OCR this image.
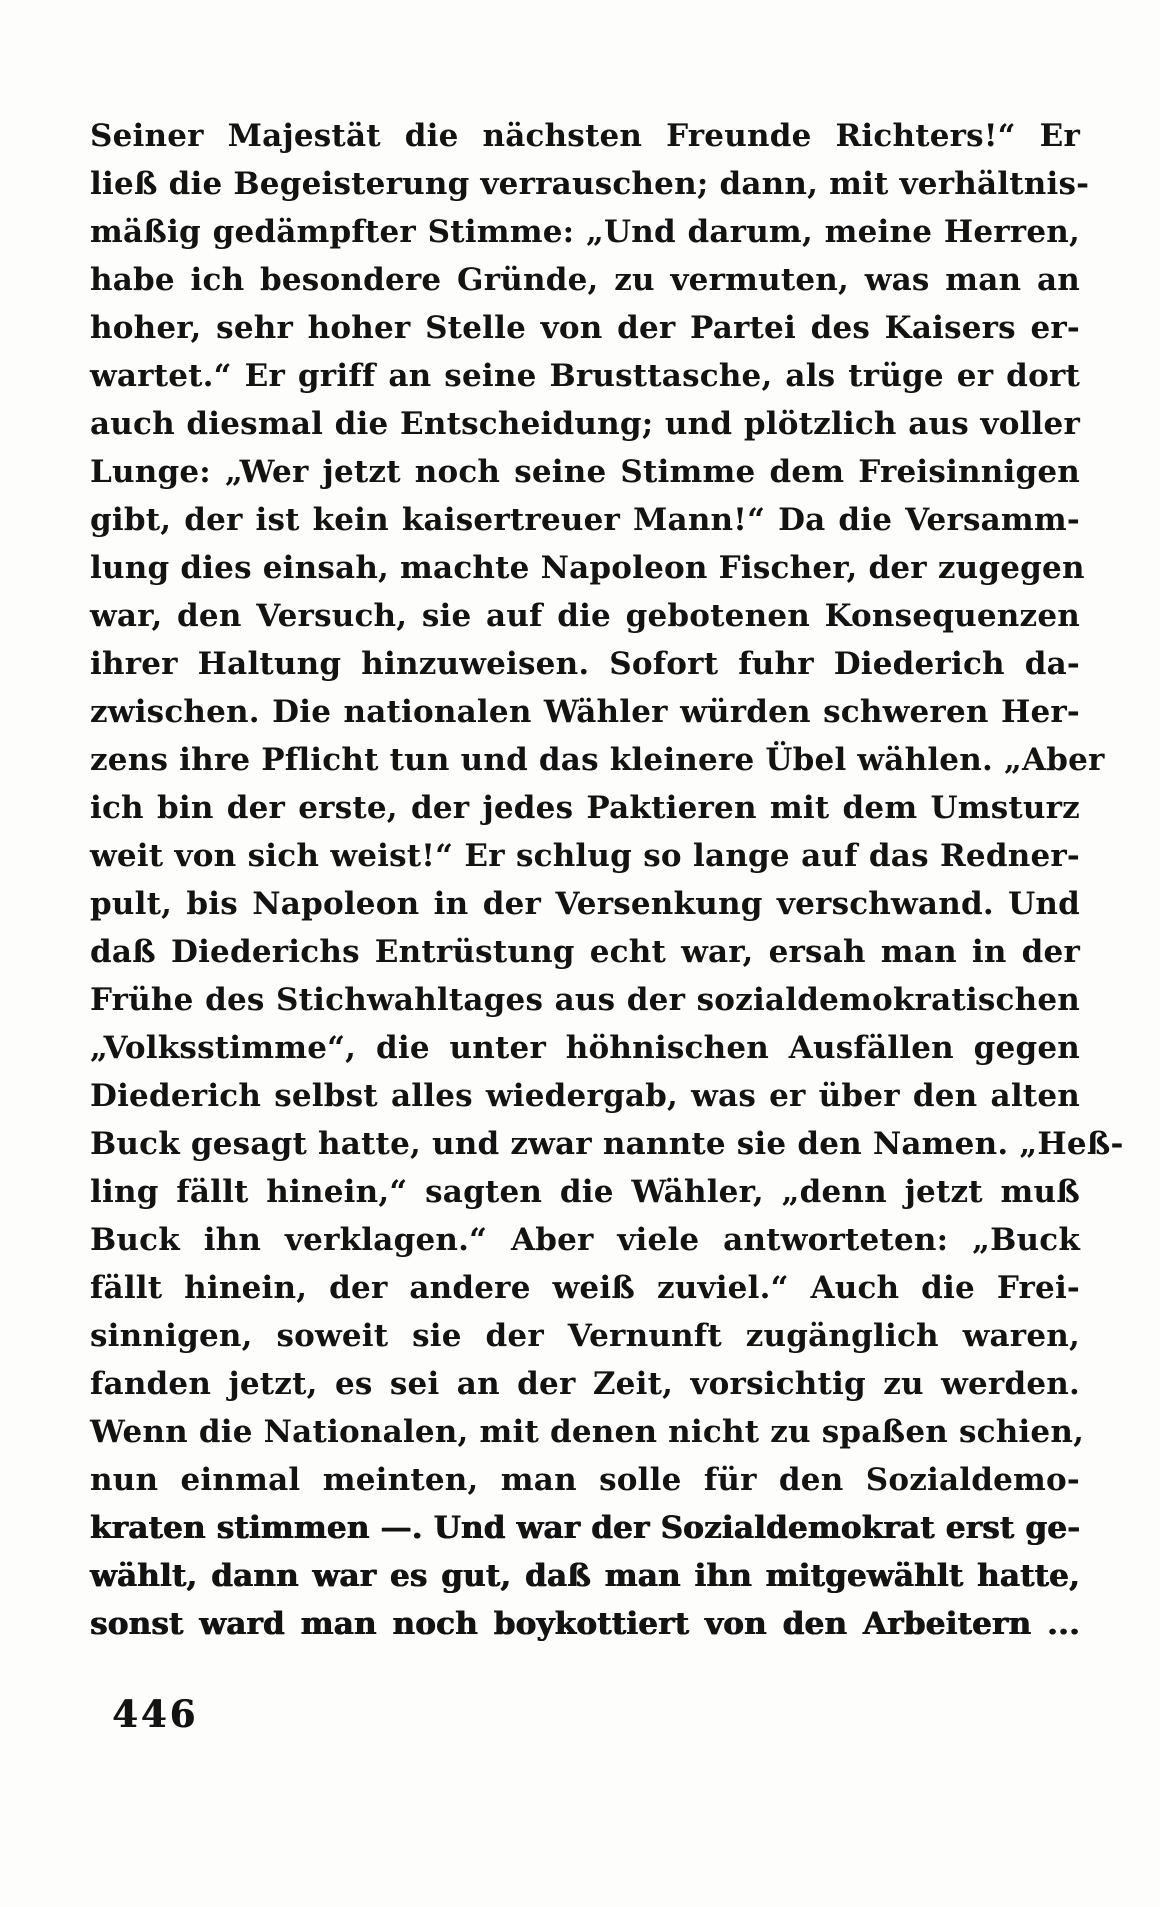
Seiner Majestät die nächsten Freunde Richters!“ Er
ließ die Begeisterung verrauschen; dann, mit verhältnis-
mäßig gedämpfter Stimme: „Und darum, meine Herren,
habe ich besondere Gründe, zu vermuten, was man an
hoher, sehr hoher Stelle von der Partei des Kaisers er-
wartet.“ Er griff an seine Brusttasche, als trüge er dort
auch diesmal die Entscheidung; und plötzlich aus voller
Lunge: „Wer jetzt noch seine Stimme dem Freisinnigen
gibt, der ist kein kaisertreuer Mann!“ Da die Versamm-
lung dies einsah, machte Napoleon Fischer, der zugegen
war, den Versuch, sie auf die gebotenen Konsequenzen
ihrer Haltung hinzuweisen. Sofort fuhr Diederich da-
zwischen. Die nationalen Wähler würden schweren Her-
zens ihre Pflicht tun und das kleinere Übel wählen. „Aber
ich bin der erste, der jedes Paktieren mit dem Umsturz
weit von sich weist!“ Er schlug so lange auf das Redner-
pult, bis Napoleon in der Versenkung verschwand. Und
daß Diederichs Entrüstung echt war, ersah man in der
Frühe des Stichwahltages aus der sozialdemokratischen
„Volksstimme“, die unter höhnischen Ausfällen gegen
Diederich selbst alles wiedergab, was er über den alten
Buck gesagt hatte, und zwar nannte sie den Namen. „Heß-
ling fällt hinein,“ sagten die Wähler, „denn jetzt muß
Buck ihn verklagen.“ Aber viele antworteten: „Buck
fällt hinein, der andere weiß zuviel.“ Auch die Frei-
sinnigen, soweit sie der Vernunft zugänglich waren,
fanden jetzt, es sei an der Zeit, vorsichtig zu werden.
Wenn die Nationalen, mit denen nicht zu spaßen schien,
nun einmal meinten, man solle für den Sozialdemo-
kraten stimmen —. Und war der Sozialdemokrat erst ge-
wählt, dann war es gut, daß man ihn mitgewählt hatte,
sonst ward man noch boykottiert von den Arbeitern ...
446
